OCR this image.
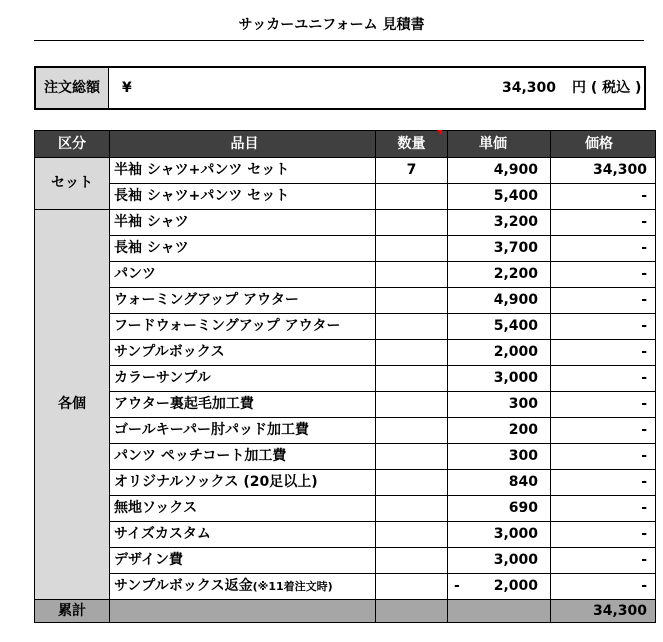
サッカーユニフォーム 見積書
注文総額	¥	34,300 円 ( 税込 )
区分	品目	数量	単価	価格
セット	半袖 シャツ+パンツ セット	7	4,900	34,300
	長袖 シャツ+パンツ セット		5,400	-
各個	半袖 シャツ		3,200	-
	長袖 シャツ		3,700	-
	パンツ		2,200	-
	ウォーミングアップ アウター		4,900	-
	フードウォーミングアップ アウター		5,400	-
	サンプルボックス		2,000	-
	カラーサンプル		3,000	-
	アウター裏起毛加工費		300	-
	ゴールキーパー肘パッド加工費		200	-
	パンツ ペッチコート加工費		300	-
	オリジナルソックス (20足以上)		840	-
	無地ソックス		690	-
	サイズカスタム		3,000	-
	デザイン費		3,000	-
	サンプルボックス返金(※11着注文時)		- 2,000	-
累計				34,300
